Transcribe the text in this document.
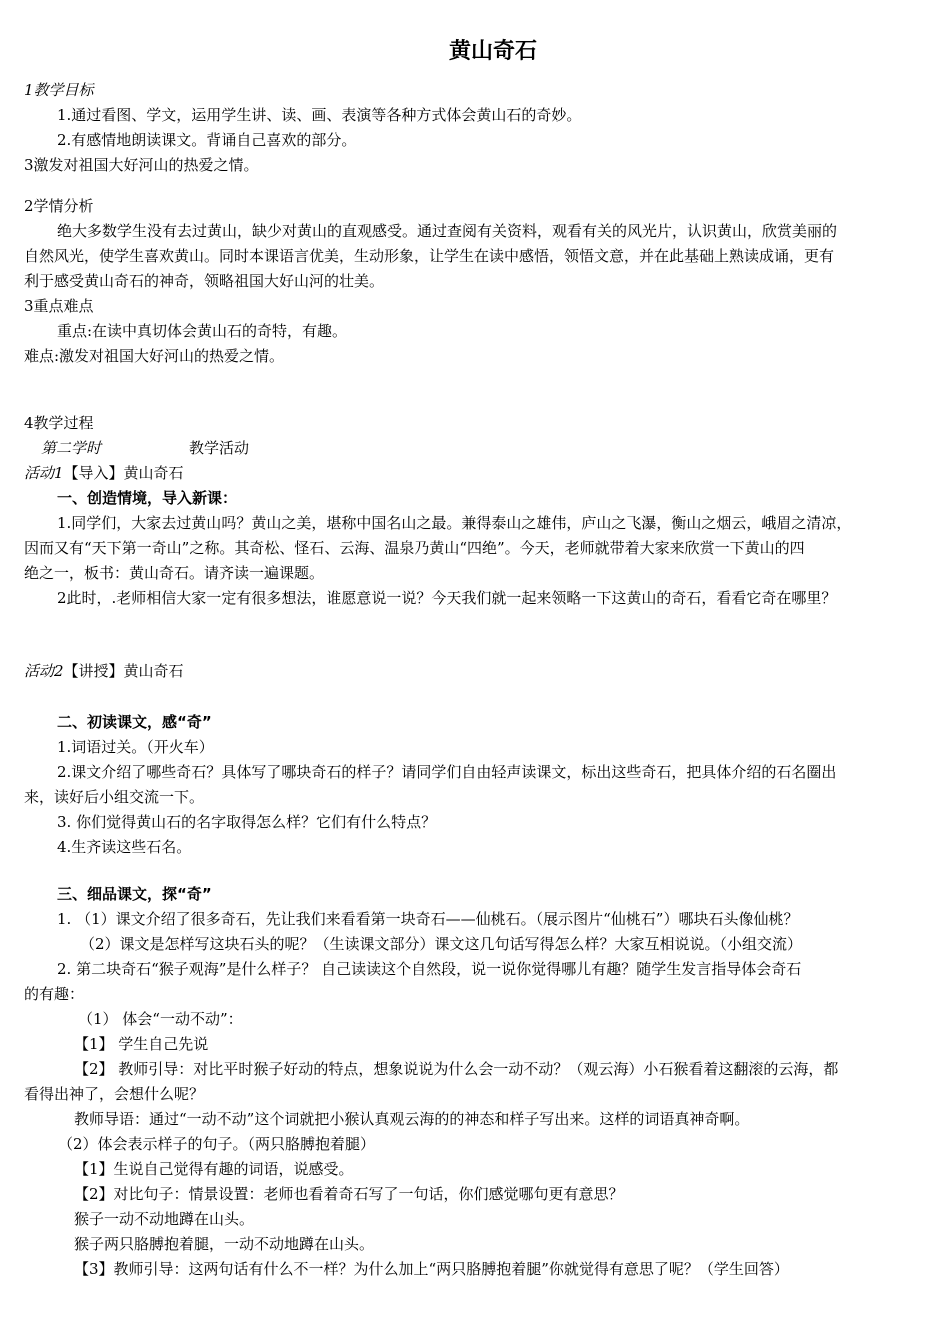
黄山奇石
1教学目标
1.通过看图、学文，运用学生讲、读、画、表演等各种方式体会黄山石的奇妙。
2.有感情地朗读课文。背诵自己喜欢的部分。
3激发对祖国大好河山的热爱之情。
2学情分析
绝大多数学生没有去过黄山，缺少对黄山的直观感受。通过查阅有关资料，观看有关的风光片，认识黄山，欣赏美丽的
自然风光，使学生喜欢黄山。同时本课语言优美，生动形象，让学生在读中感悟，领悟文意，并在此基础上熟读成诵，更有
利于感受黄山奇石的神奇，领略祖国大好山河的壮美。
3重点难点
重点:在读中真切体会黄山石的奇特，有趣。
难点:激发对祖国大好河山的热爱之情。
4教学过程
第二学时	教学活动
活动1【导入】黄山奇石
一、创造情境，导入新课：
1.同学们，大家去过黄山吗？黄山之美，堪称中国名山之最。兼得泰山之雄伟，庐山之飞瀑，衡山之烟云，峨眉之清凉，
因而又有“天下第一奇山”之称。其奇松、怪石、云海、温泉乃黄山“四绝”。今天，老师就带着大家来欣赏一下黄山的四
绝之一，板书：黄山奇石。请齐读一遍课题。
2此时，.老师相信大家一定有很多想法，谁愿意说一说？今天我们就一起来领略一下这黄山的奇石，看看它奇在哪里？
活动2【讲授】黄山奇石
二、初读课文，感“奇”
1.词语过关。（开火车）
2.课文介绍了哪些奇石？具体写了哪块奇石的样子？请同学们自由轻声读课文，标出这些奇石，把具体介绍的石名圈出
来，读好后小组交流一下。
3. 你们觉得黄山石的名字取得怎么样？它们有什么特点？
4.生齐读这些石名。
三、细品课文，探“奇”
1. （1）课文介绍了很多奇石，先让我们来看看第一块奇石——仙桃石。（展示图片“仙桃石”）哪块石头像仙桃？
（2）课文是怎样写这块石头的呢？（生读课文部分）课文这几句话写得怎么样？大家互相说说。（小组交流）
2. 第二块奇石“猴子观海”是什么样子？ 自己读读这个自然段，说一说你觉得哪儿有趣？随学生发言指导体会奇石
的有趣：
（1） 体会“一动不动”：
【1】 学生自己先说
【2】 教师引导：对比平时猴子好动的特点，想象说说为什么会一动不动？（观云海）小石猴看着这翻滚的云海，都
看得出神了，会想什么呢？
教师导语：通过“一动不动”这个词就把小猴认真观云海的的神态和样子写出来。这样的词语真神奇啊。
（2）体会表示样子的句子。（两只胳膊抱着腿）
【1】生说自己觉得有趣的词语，说感受。
【2】对比句子：情景设置：老师也看着奇石写了一句话，你们感觉哪句更有意思？
猴子一动不动地蹲在山头。
猴子两只胳膊抱着腿，一动不动地蹲在山头。
【3】教师引导：这两句话有什么不一样？为什么加上“两只胳膊抱着腿”你就觉得有意思了呢？（学生回答）
